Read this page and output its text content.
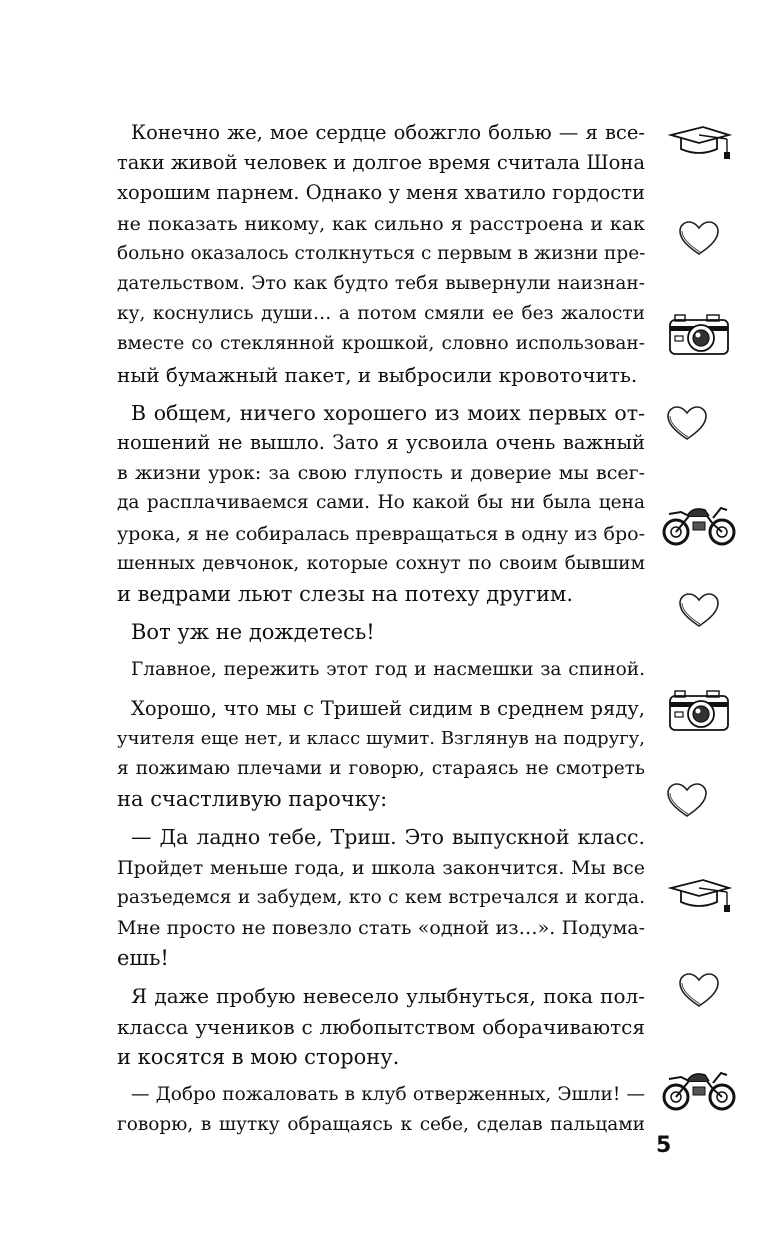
Конечно же, мое сердце обожгло болью — я все-
таки живой человек и долгое время считала Шона
хорошим парнем. Однако у меня хватило гордости
не показать никому, как сильно я расстроена и как
больно оказалось столкнуться с первым в жизни пре-
дательством. Это как будто тебя вывернули наизнан-
ку, коснулись души… а потом смяли ее без жалости
вместе со стеклянной крошкой, словно использован-
ный бумажный пакет, и выбросили кровоточить.

В общем, ничего хорошего из моих первых от-
ношений не вышло. Зато я усвоила очень важный
в жизни урок: за свою глупость и доверие мы всег-
да расплачиваемся сами. Но какой бы ни была цена
урока, я не собиралась превращаться в одну из бро-
шенных девчонок, которые сохнут по своим бывшим
и ведрами льют слезы на потеху другим.

Вот уж не дождетесь!

Главное, пережить этот год и насмешки за спиной.

Хорошо, что мы с Тришей сидим в среднем ряду,
учителя еще нет, и класс шумит. Взглянув на подругу,
я пожимаю плечами и говорю, стараясь не смотреть
на счастливую парочку:

— Да ладно тебе, Триш. Это выпускной класс.
Пройдет меньше года, и школа закончится. Мы все
разъедемся и забудем, кто с кем встречался и когда.
Мне просто не повезло стать «одной из…». Подума-
ешь!

Я даже пробую невесело улыбнуться, пока пол-
класса учеников с любопытством оборачиваются
и косятся в мою сторону.

— Добро пожаловать в клуб отверженных, Эшли! —
говорю, в шутку обращаясь к себе, сделав пальцами

5
